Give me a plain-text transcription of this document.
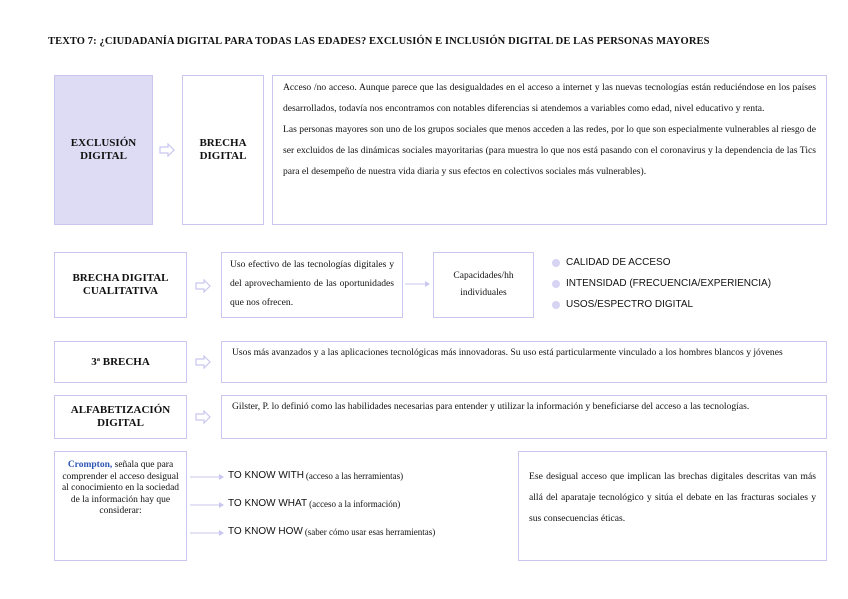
TEXTO 7: ¿CIUDADANÍA DIGITAL PARA TODAS LAS EDADES? EXCLUSIÓN E INCLUSIÓN DIGITAL DE LAS PERSONAS MAYORES
EXCLUSIÓN DIGITAL
BRECHA DIGITAL
Acceso /no acceso. Aunque parece que las desigualdades en el acceso a internet y las nuevas tecnologías están reduciéndose en los países desarrollados, todavía nos encontramos con notables diferencias si atendemos a variables como edad, nivel educativo y renta.
Las personas mayores son uno de los grupos sociales que menos acceden a las redes, por lo que son especialmente vulnerables al riesgo de ser excluidos de las dinámicas sociales mayoritarias (para muestra lo que nos está pasando con el coronavirus y la dependencia de las Tics para el desempeño de nuestra vida diaria y sus efectos en colectivos sociales más vulnerables).
BRECHA DIGITAL CUALITATIVA
Uso efectivo de las tecnologías digitales y del aprovechamiento de las oportunidades que nos ofrecen.
Capacidades/hh individuales
CALIDAD DE ACCESO
INTENSIDAD (FRECUENCIA/EXPERIENCIA)
USOS/ESPECTRO DIGITAL
3ª BRECHA
Usos más avanzados y a las aplicaciones tecnológicas más innovadoras. Su uso está particularmente vinculado a los hombres blancos y jóvenes
ALFABETIZACIÓN DIGITAL
Gilster, P. lo definió como las habilidades necesarias para entender y utilizar la información y beneficiarse del acceso a las tecnologías.
Crompton, señala que para comprender el acceso desigual al conocimiento en la sociedad de la información hay que considerar:
TO KNOW WITH (acceso a las herramientas)
TO KNOW WHAT (acceso a la información)
TO KNOW HOW (saber cómo usar esas herramientas)
Ese desigual acceso que implican las brechas digitales descritas van más allá del aparataje tecnológico y sitúa el debate en las fracturas sociales y sus consecuencias éticas.
